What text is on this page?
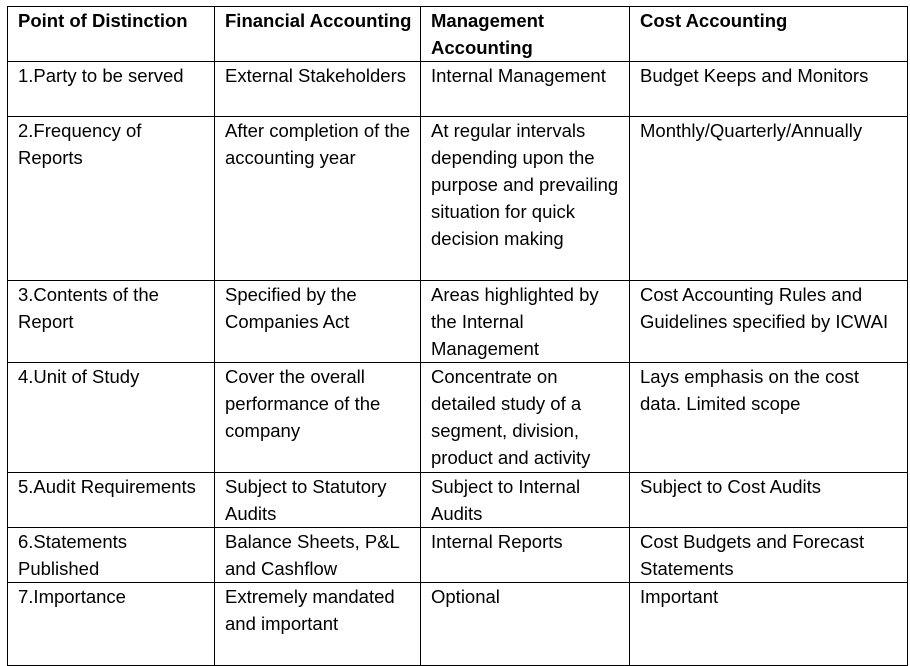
Point of Distinction	Financial Accounting	Management Accounting	Cost Accounting
1.Party to be served	External Stakeholders	Internal Management	Budget Keeps and Monitors
2.Frequency of Reports	After completion of the accounting year	At regular intervals depending upon the purpose and prevailing situation for quick decision making	Monthly/Quarterly/Annually
3.Contents of the Report	Specified by the Companies Act	Areas highlighted by the Internal Management	Cost Accounting Rules and Guidelines specified by ICWAI
4.Unit of Study	Cover the overall performance of the company	Concentrate on detailed study of a segment, division, product and activity	Lays emphasis on the cost data. Limited scope
5.Audit Requirements	Subject to Statutory Audits	Subject to Internal Audits	Subject to Cost Audits
6.Statements Published	Balance Sheets, P&L and Cashflow	Internal Reports	Cost Budgets and Forecast Statements
7.Importance	Extremely mandated and important	Optional	Important
